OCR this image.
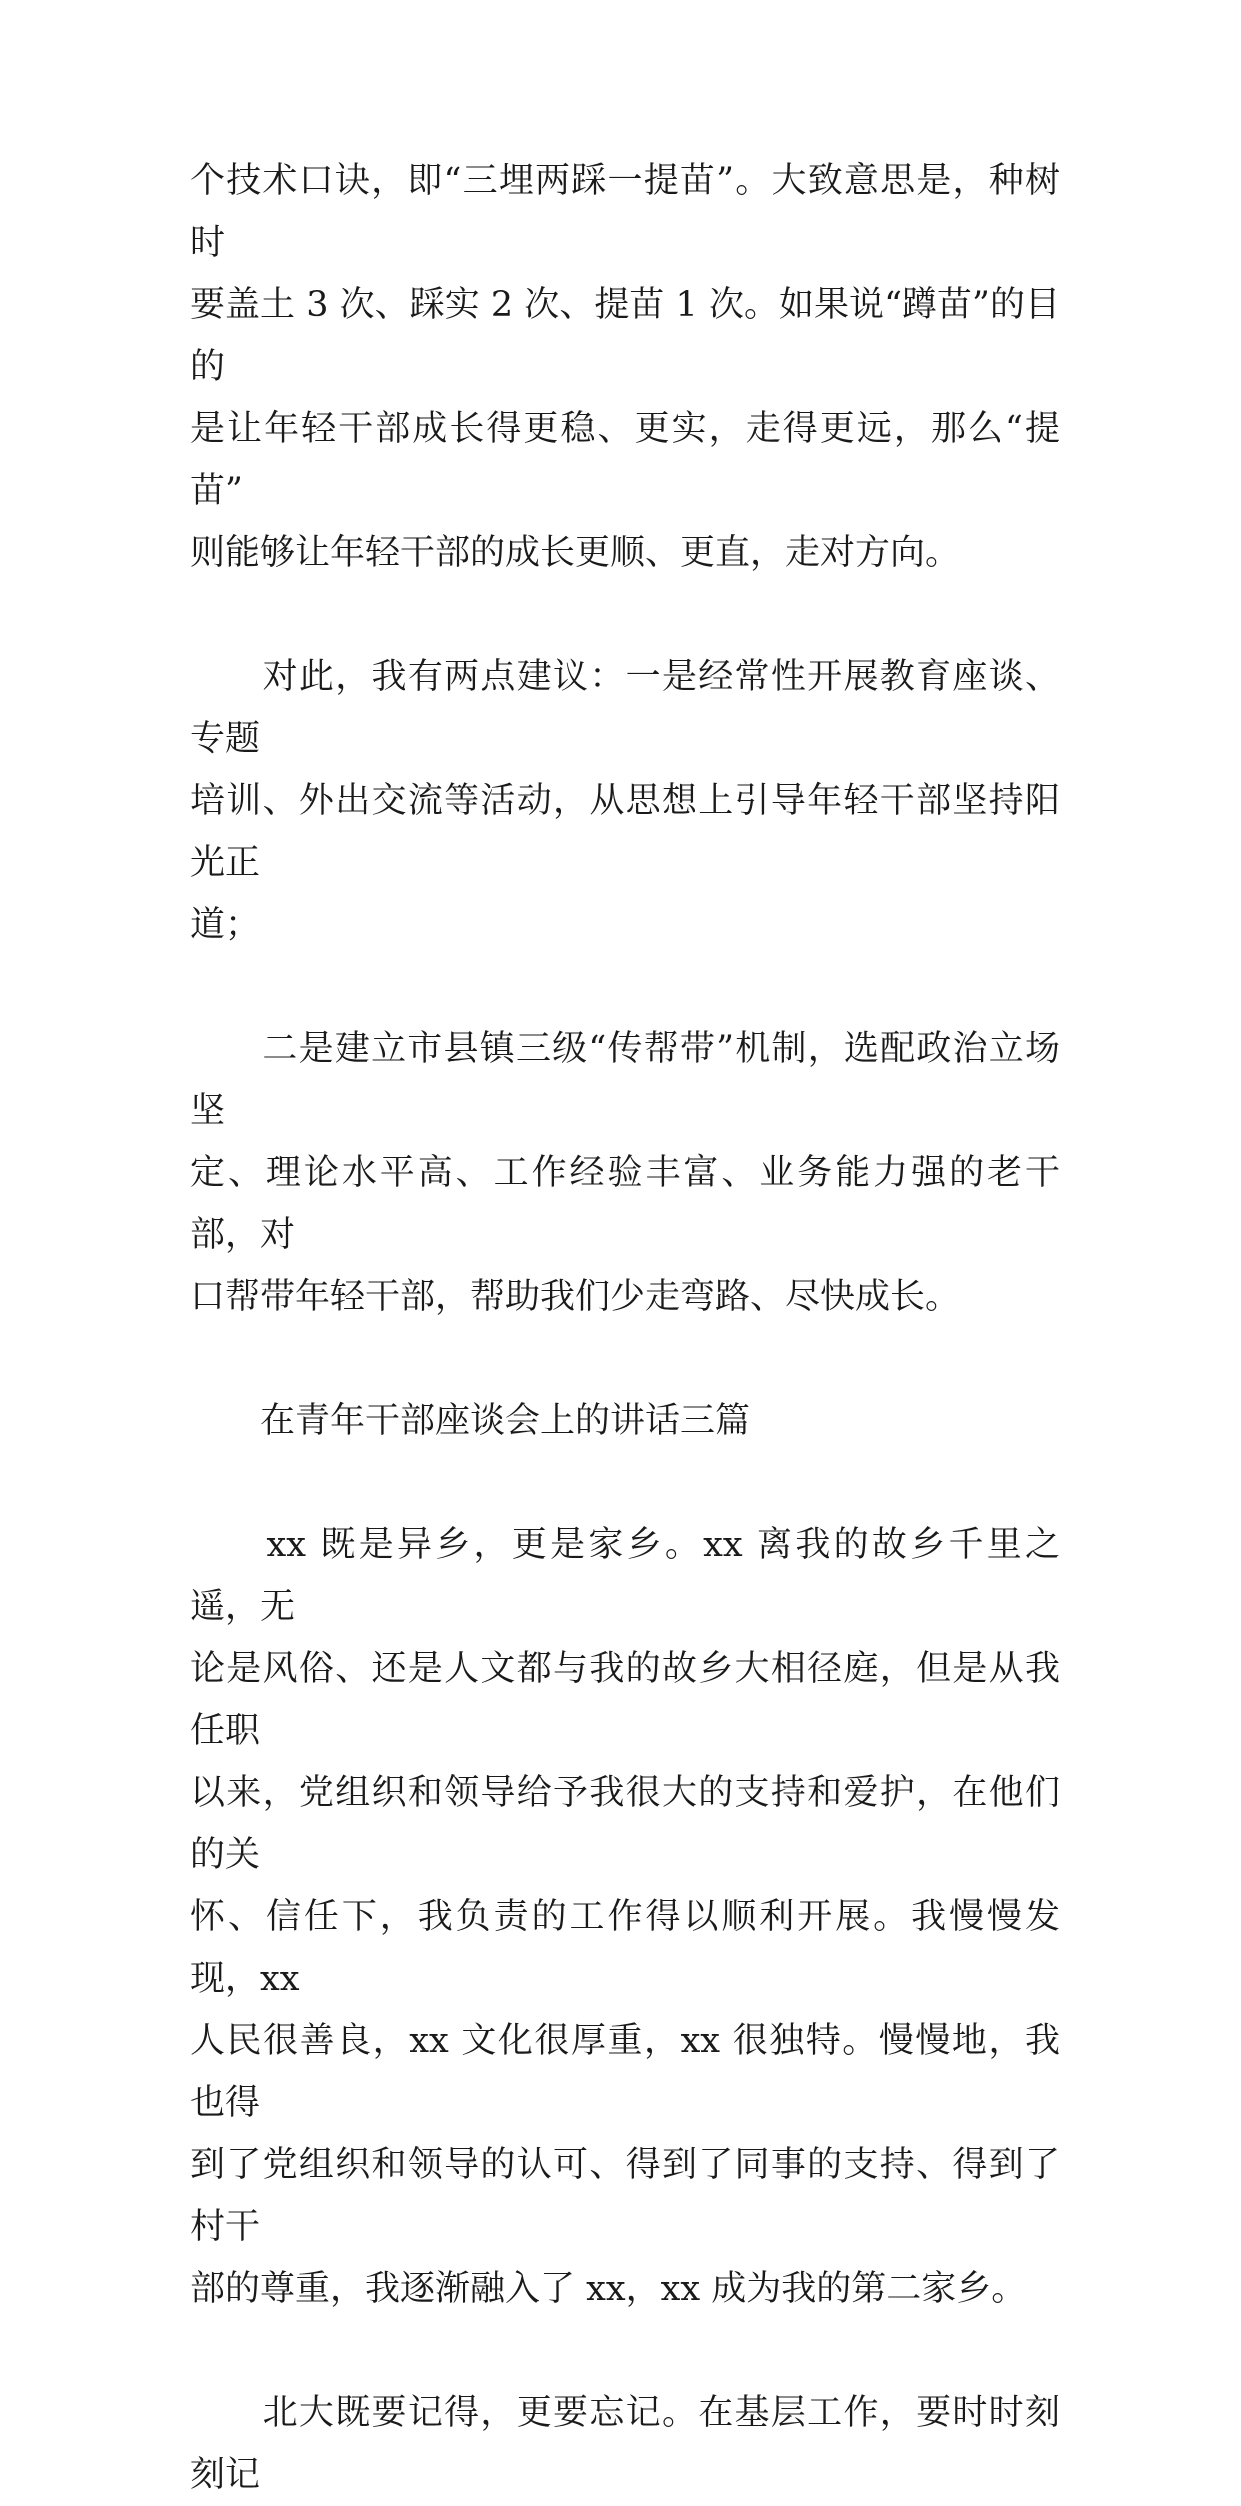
个技术口诀，即“三埋两踩一提苗”。大致意思是，种树时
要盖土 3 次、踩实 2 次、提苗 1 次。如果说“蹲苗”的目的
是让年轻干部成长得更稳、更实，走得更远，那么“提苗”
则能够让年轻干部的成长更顺、更直，走对方向。

　　对此，我有两点建议：一是经常性开展教育座谈、专题
培训、外出交流等活动，从思想上引导年轻干部坚持阳光正
道；

　　二是建立市县镇三级“传帮带”机制，选配政治立场坚
定、理论水平高、工作经验丰富、业务能力强的老干部，对
口帮带年轻干部，帮助我们少走弯路、尽快成长。

　　在青年干部座谈会上的讲话三篇

　　xx 既是异乡，更是家乡。xx 离我的故乡千里之遥，无
论是风俗、还是人文都与我的故乡大相径庭，但是从我任职
以来，党组织和领导给予我很大的支持和爱护，在他们的关
怀、信任下，我负责的工作得以顺利开展。我慢慢发现，xx
人民很善良，xx 文化很厚重，xx 很独特。慢慢地，我也得
到了党组织和领导的认可、得到了同事的支持、得到了村干
部的尊重，我逐渐融入了 xx，xx 成为我的第二家乡。

　　北大既要记得，更要忘记。在基层工作，要时时刻刻记
